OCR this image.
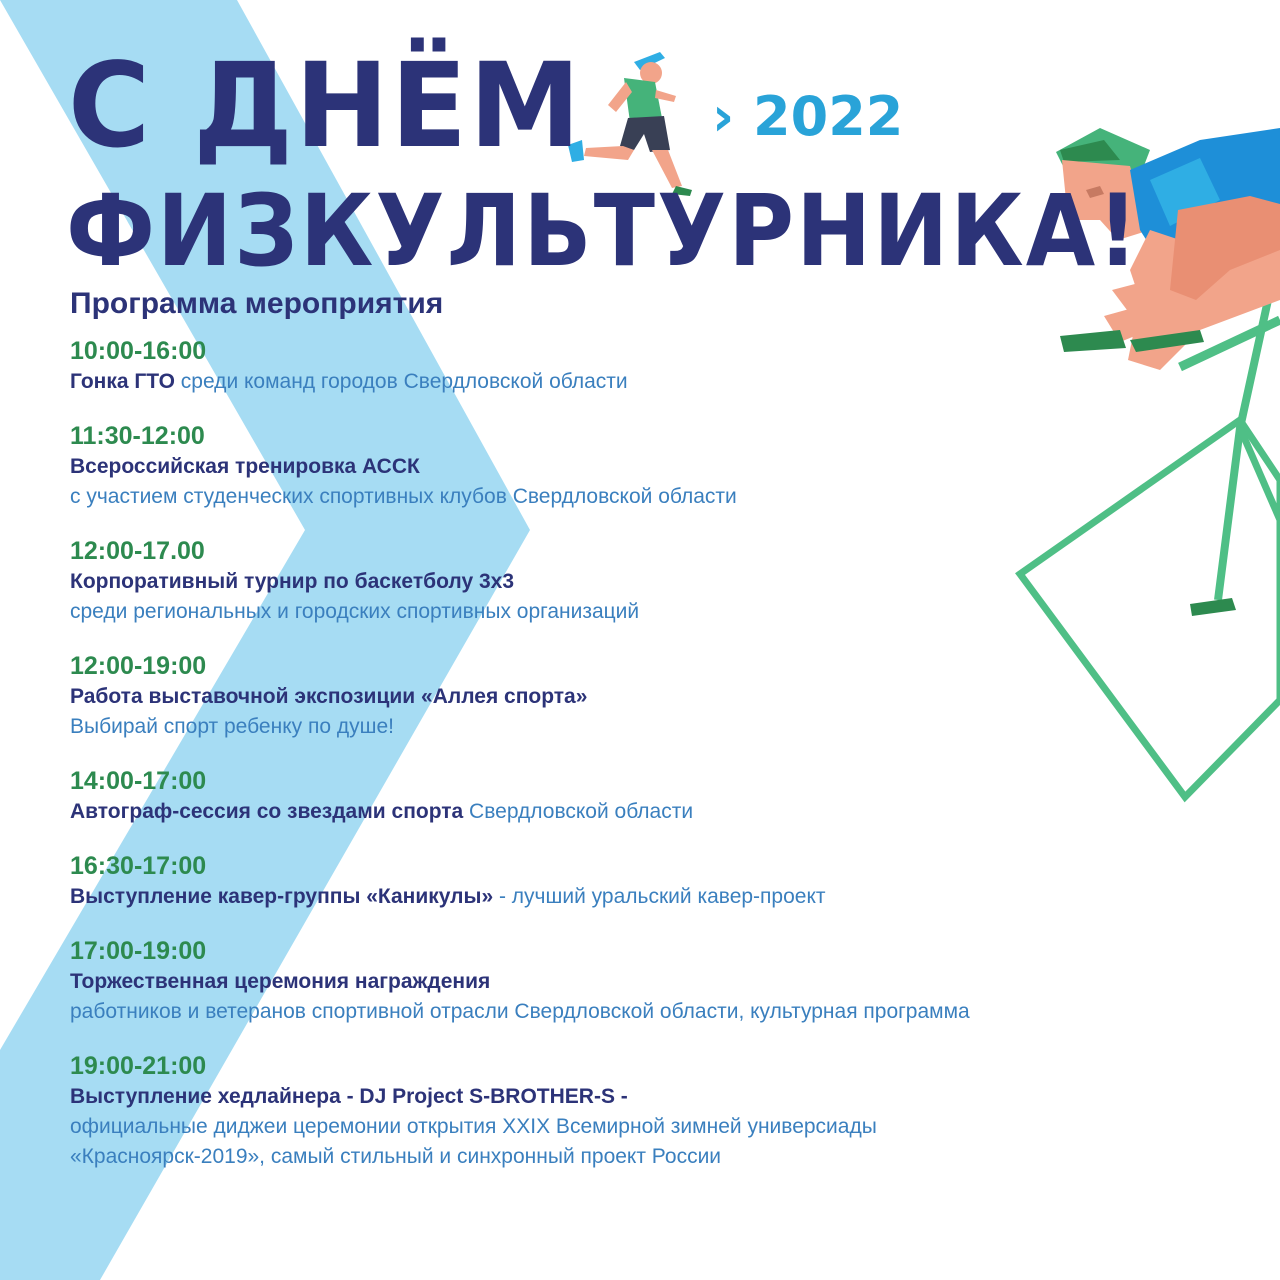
С ДНЁМ
ФИЗКУЛЬТУРНИКА!
› 2022
Программа мероприятия
10:00-16:00
Гонка ГТО среди команд городов Свердловской области
11:30-12:00
Всероссийская тренировка АССК
с участием студенческих спортивных клубов Свердловской области
12:00-17.00
Корпоративный турнир по баскетболу 3х3
среди региональных и городских спортивных организаций
12:00-19:00
Работа выставочной экспозиции «Аллея спорта»
Выбирай спорт ребенку по душе!
14:00-17:00
Автограф-сессия со звездами спорта Свердловской области
16:30-17:00
Выступление кавер-группы «Каникулы» - лучший уральский кавер-проект
17:00-19:00
Торжественная церемония награждения
работников и ветеранов спортивной отрасли Свердловской области, культурная программа
19:00-21:00
Выступление хедлайнера - DJ Project S-BROTHER-S -
официальные диджеи церемонии открытия XXIX Всемирной зимней универсиады
«Красноярск-2019», самый стильный и синхронный проект России
